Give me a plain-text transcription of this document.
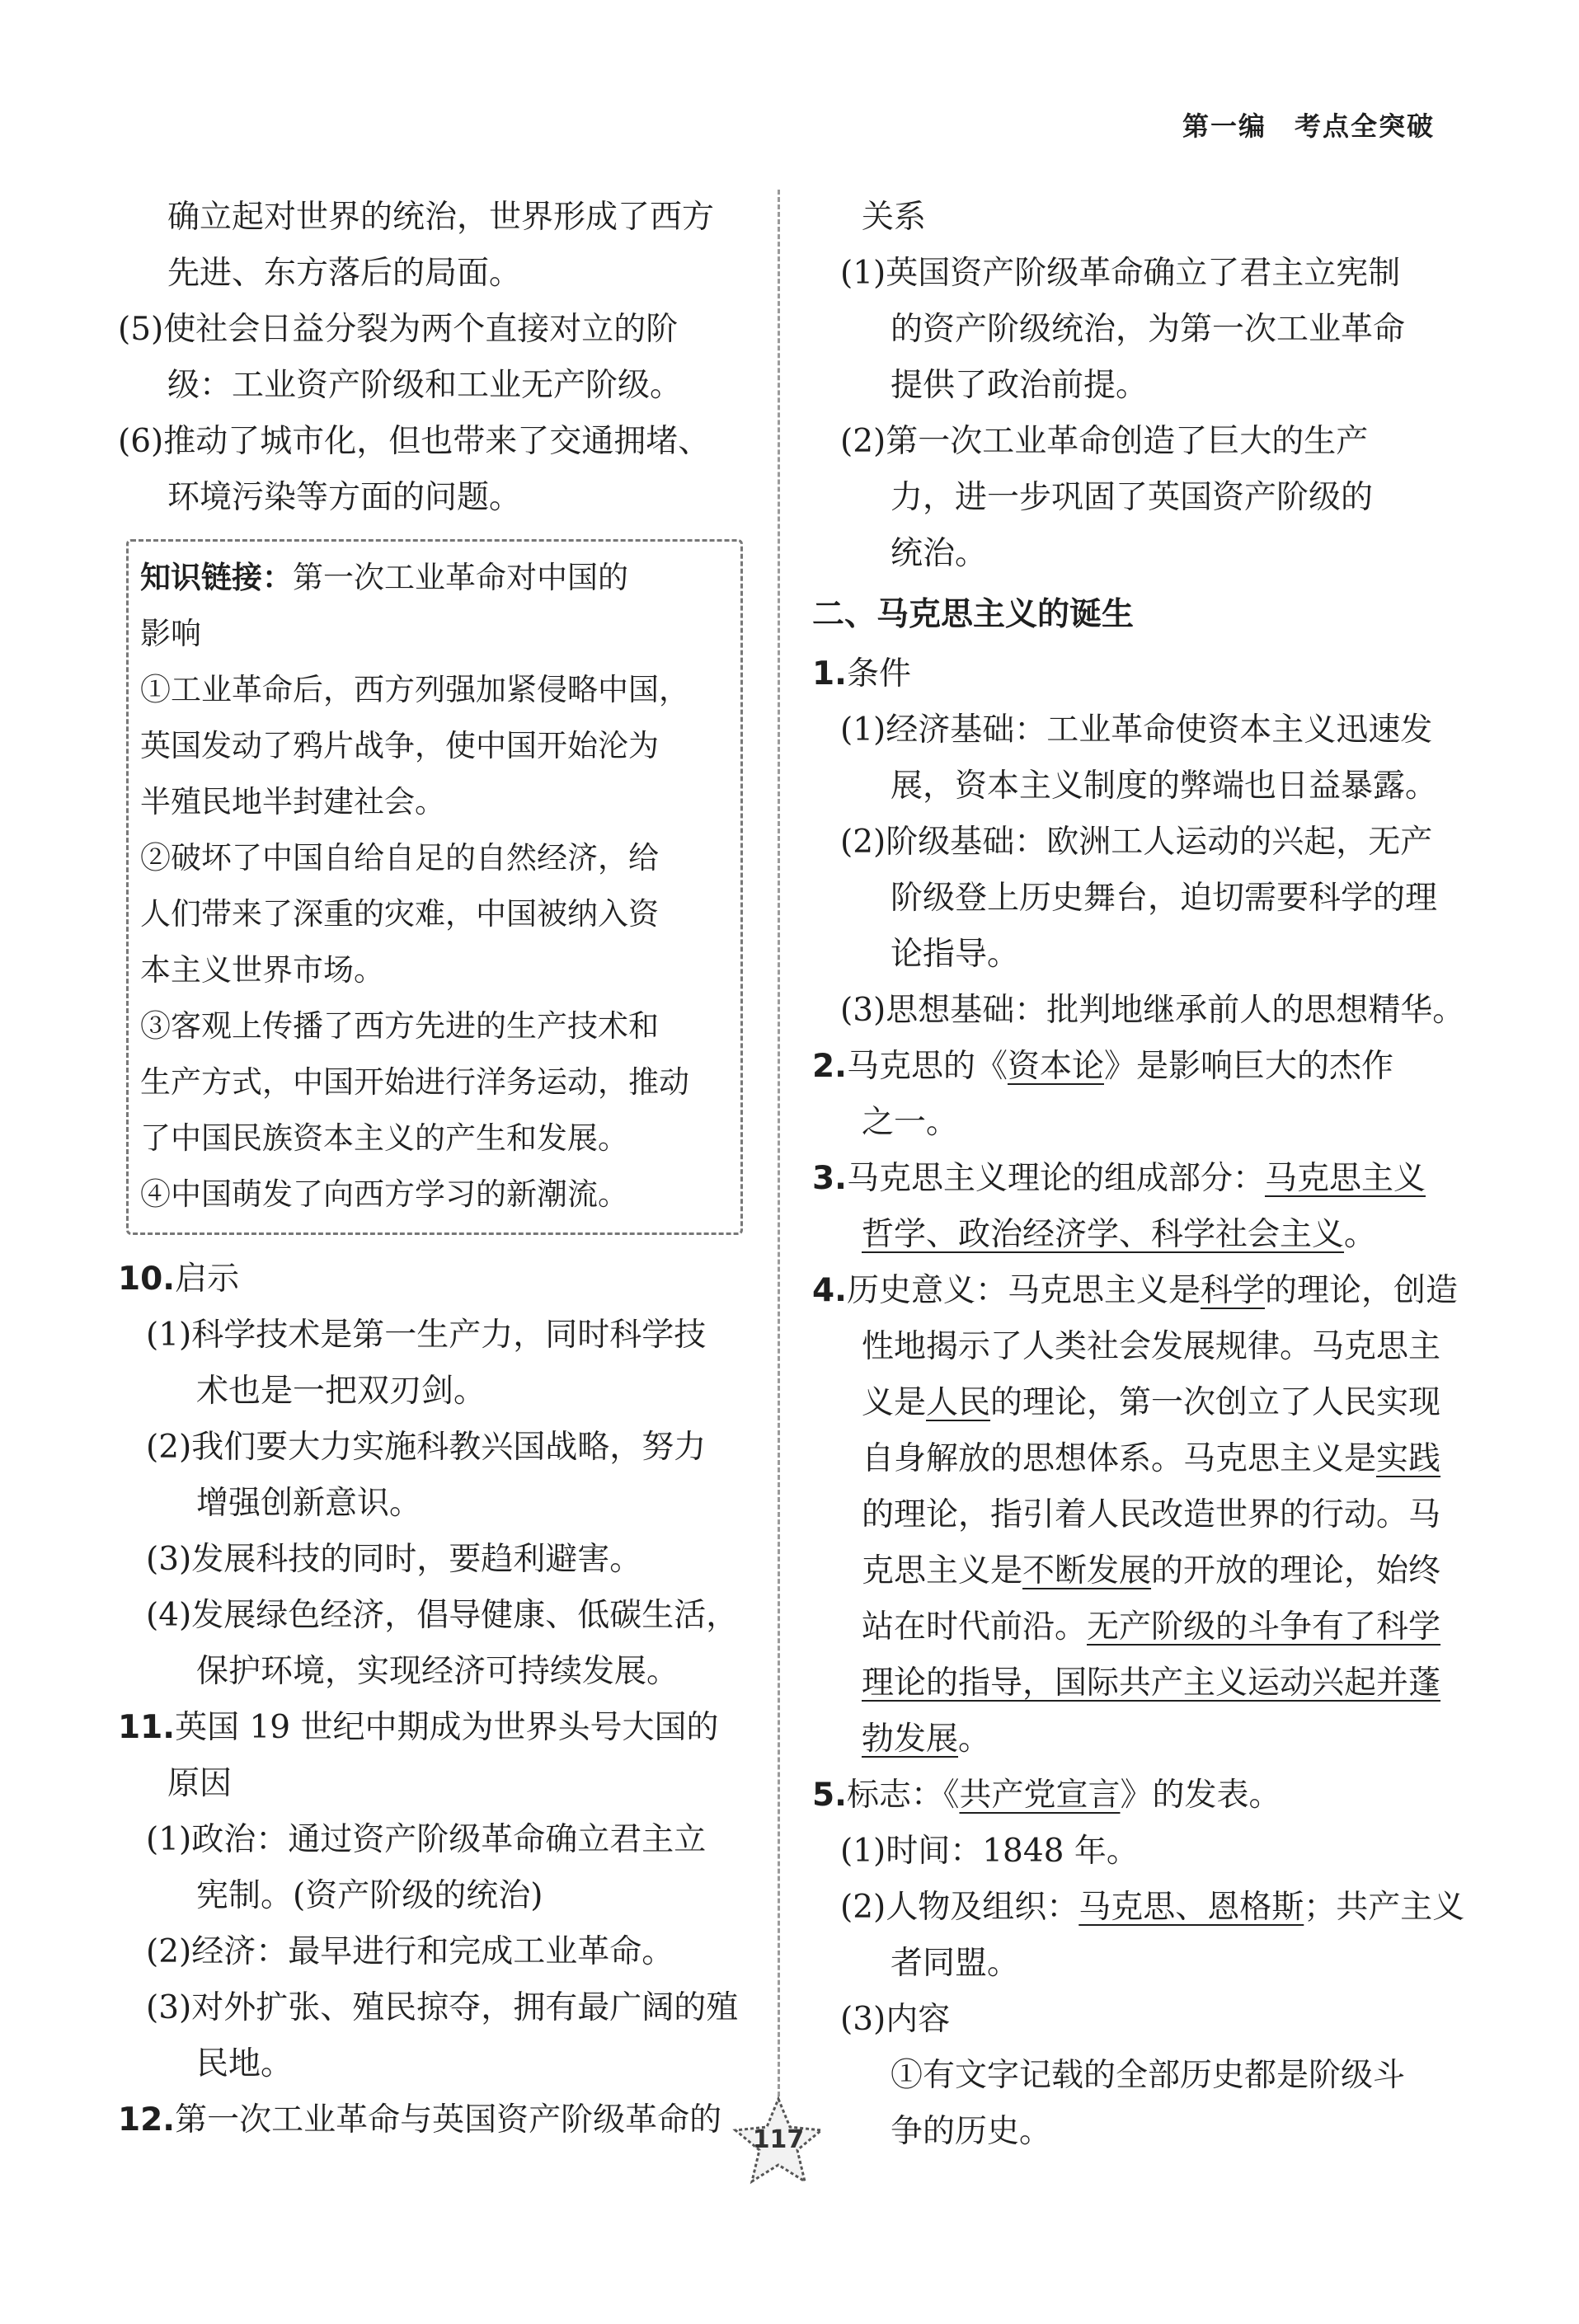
第一编　考点全突破
确立起对世界的统治，世界形成了西方
先进、东方落后的局面。
(5)使社会日益分裂为两个直接对立的阶
级：工业资产阶级和工业无产阶级。
(6)推动了城市化，但也带来了交通拥堵、
环境污染等方面的问题。
知识链接：第一次工业革命对中国的
影响
①工业革命后，西方列强加紧侵略中国，
英国发动了鸦片战争，使中国开始沦为
半殖民地半封建社会。
②破坏了中国自给自足的自然经济，给
人们带来了深重的灾难，中国被纳入资
本主义世界市场。
③客观上传播了西方先进的生产技术和
生产方式，中国开始进行洋务运动，推动
了中国民族资本主义的产生和发展。
④中国萌发了向西方学习的新潮流。
10.启示
(1)科学技术是第一生产力，同时科学技
术也是一把双刃剑。
(2)我们要大力实施科教兴国战略，努力
增强创新意识。
(3)发展科技的同时，要趋利避害。
(4)发展绿色经济，倡导健康、低碳生活，
保护环境，实现经济可持续发展。
11.英国 19 世纪中期成为世界头号大国的
原因
(1)政治：通过资产阶级革命确立君主立
宪制。(资产阶级的统治)
(2)经济：最早进行和完成工业革命。
(3)对外扩张、殖民掠夺，拥有最广阔的殖
民地。
12.第一次工业革命与英国资产阶级革命的
关系
(1)英国资产阶级革命确立了君主立宪制
的资产阶级统治，为第一次工业革命
提供了政治前提。
(2)第一次工业革命创造了巨大的生产
力，进一步巩固了英国资产阶级的
统治。
二、马克思主义的诞生
1.条件
(1)经济基础：工业革命使资本主义迅速发
展，资本主义制度的弊端也日益暴露。
(2)阶级基础：欧洲工人运动的兴起，无产
阶级登上历史舞台，迫切需要科学的理
论指导。
(3)思想基础：批判地继承前人的思想精华。
2.马克思的《资本论》是影响巨大的杰作
之一。
3.马克思主义理论的组成部分：马克思主义
哲学、政治经济学、科学社会主义。
4.历史意义：马克思主义是科学的理论，创造
性地揭示了人类社会发展规律。马克思主
义是人民的理论，第一次创立了人民实现
自身解放的思想体系。马克思主义是实践
的理论，指引着人民改造世界的行动。马
克思主义是不断发展的开放的理论，始终
站在时代前沿。无产阶级的斗争有了科学
理论的指导，国际共产主义运动兴起并蓬
勃发展。
5.标志：《共产党宣言》的发表。
(1)时间：1848 年。
(2)人物及组织：马克思、恩格斯；共产主义
者同盟。
(3)内容
①有文字记载的全部历史都是阶级斗
争的历史。
117
